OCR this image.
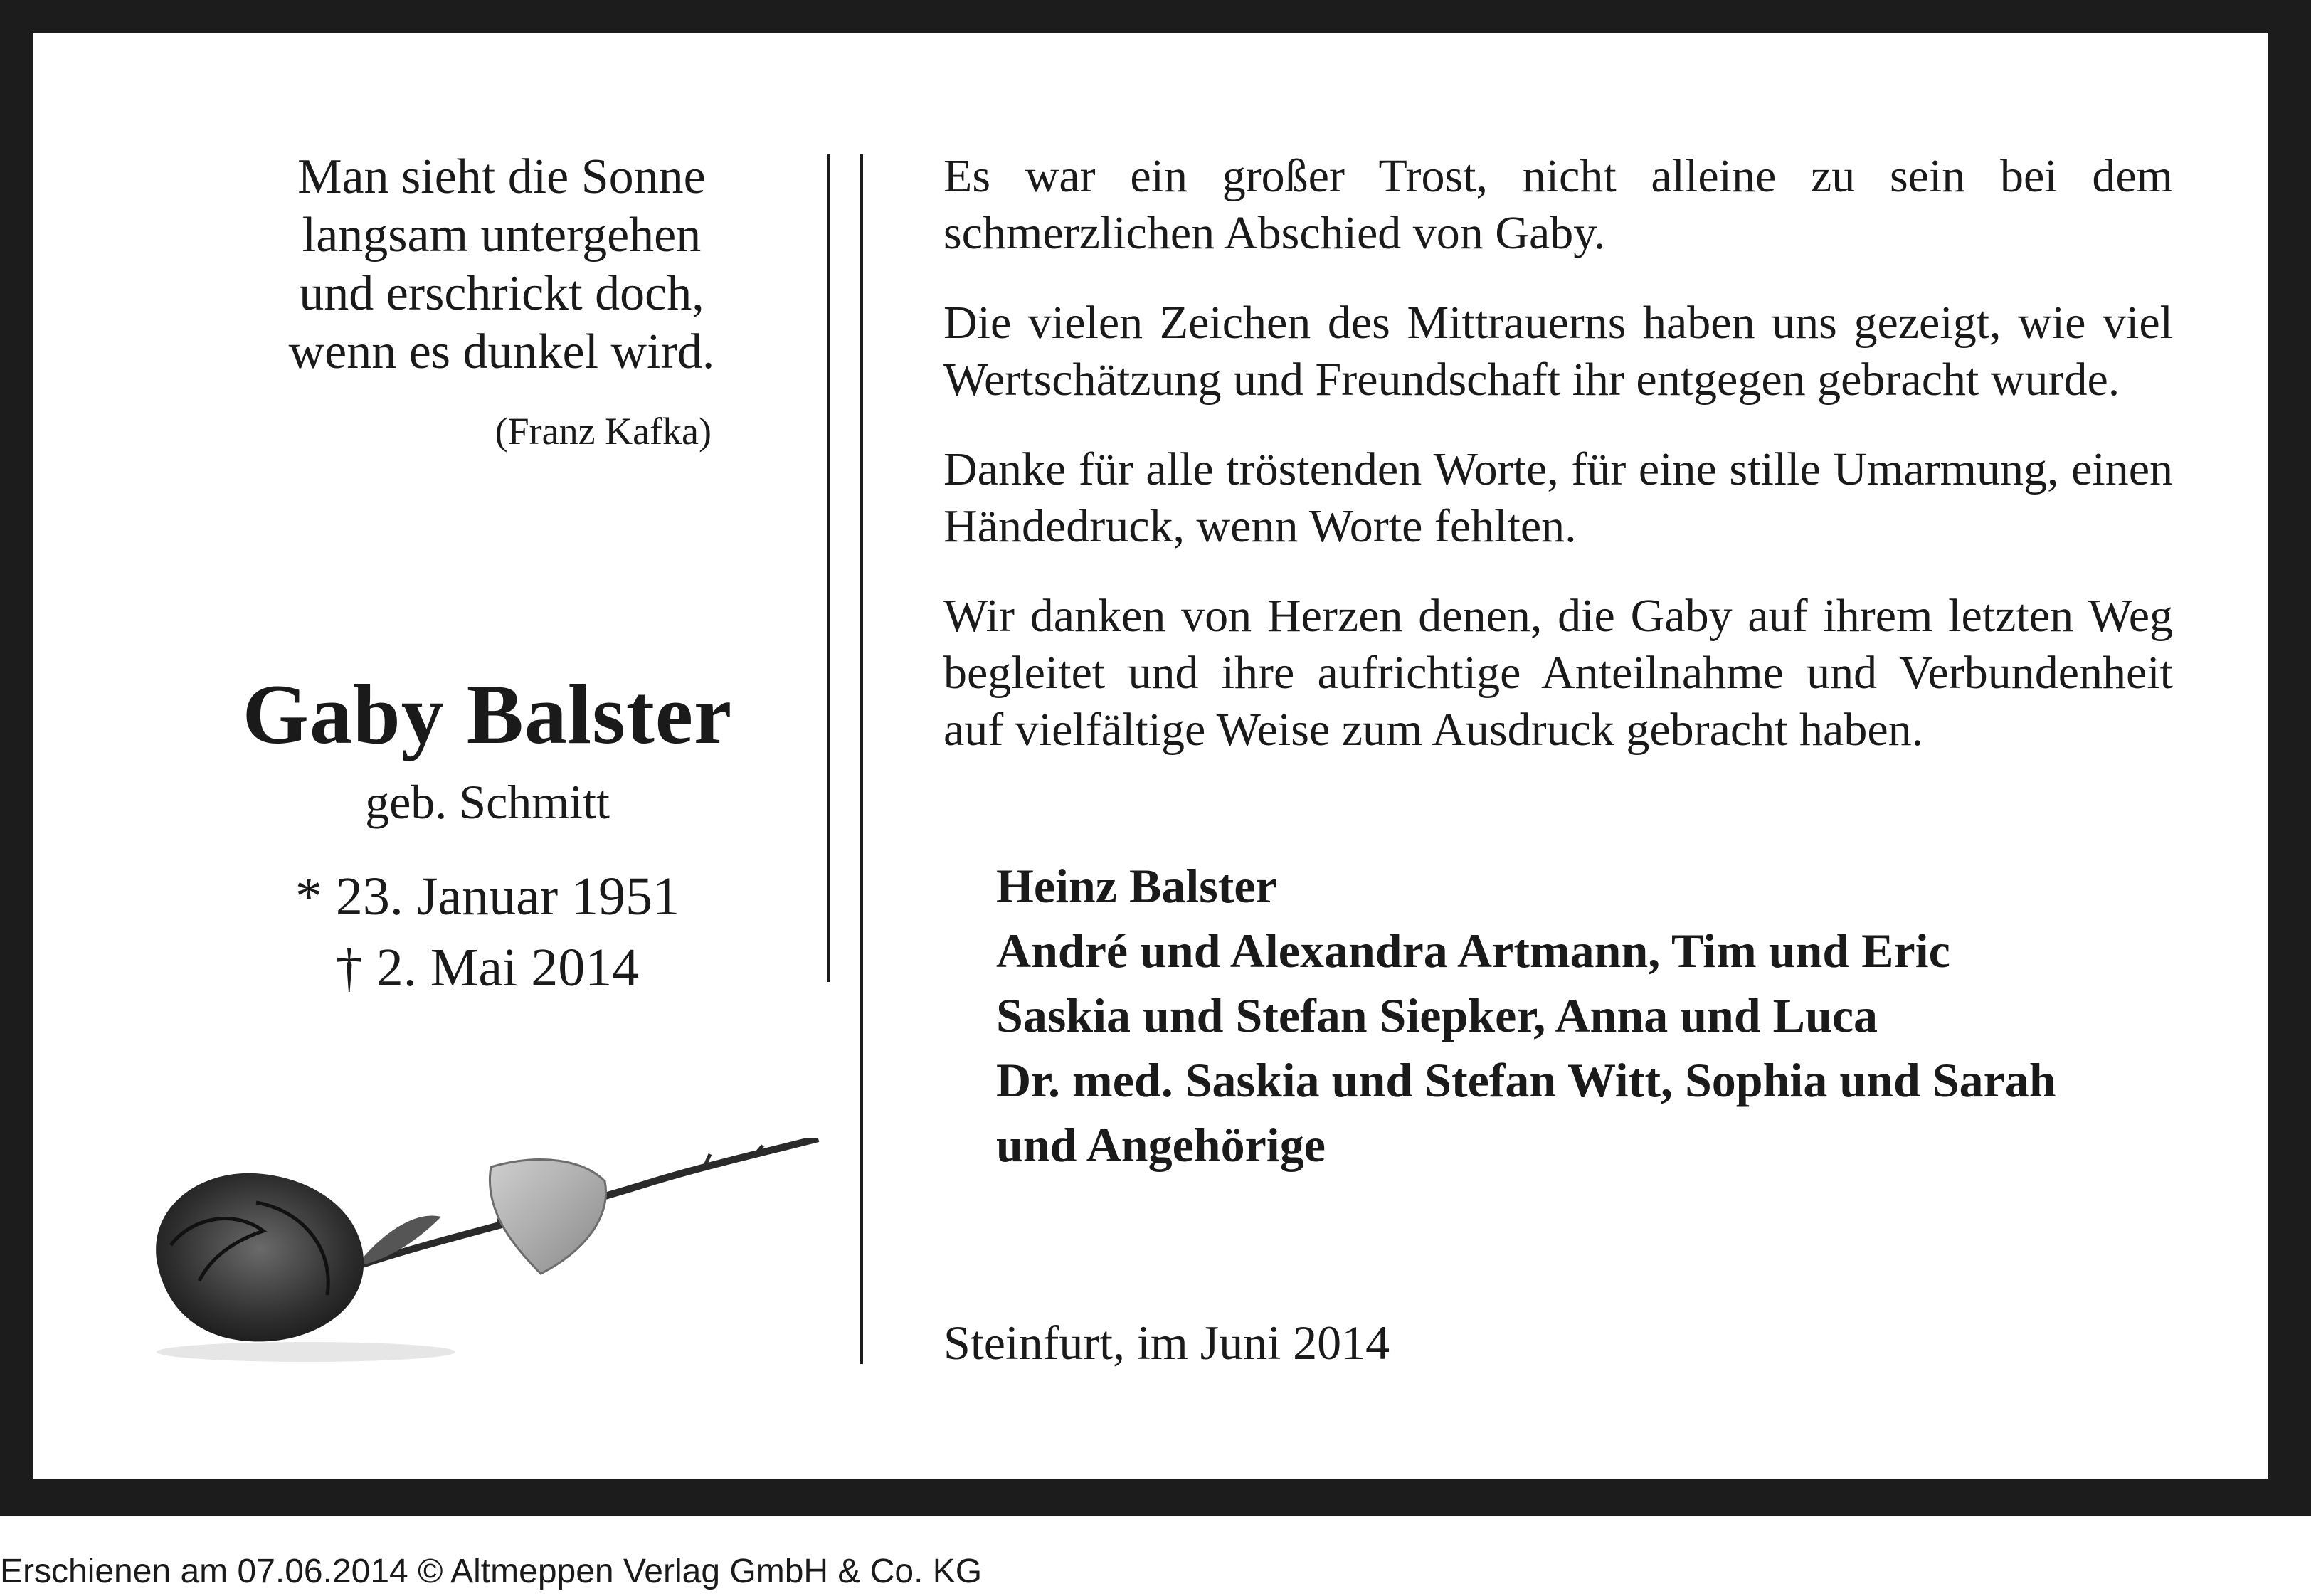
Man sieht die Sonne
langsam untergehen
und erschrickt doch,
wenn es dunkel wird.
(Franz Kafka)
Gaby Balster
geb. Schmitt
* 23. Januar 1951
† 2. Mai 2014

Es war ein großer Trost, nicht alleine zu sein bei dem schmerzlichen Abschied von Gaby.

Die vielen Zeichen des Mittrauerns haben uns gezeigt, wie viel Wertschätzung und Freundschaft ihr entgegen gebracht wurde.

Danke für alle tröstenden Worte, für eine stille Umarmung, einen Händedruck, wenn Worte fehlten.

Wir danken von Herzen denen, die Gaby auf ihrem letzten Weg begleitet und ihre aufrichtige Anteilnahme und Verbundenheit auf vielfältige Weise zum Ausdruck gebracht haben.

Heinz Balster
André und Alexandra Artmann, Tim und Eric
Saskia und Stefan Siepker, Anna und Luca
Dr. med. Saskia und Stefan Witt, Sophia und Sarah
und Angehörige
Steinfurt, im Juni 2014
Erschienen am 07.06.2014 © Altmeppen Verlag GmbH & Co. KG
